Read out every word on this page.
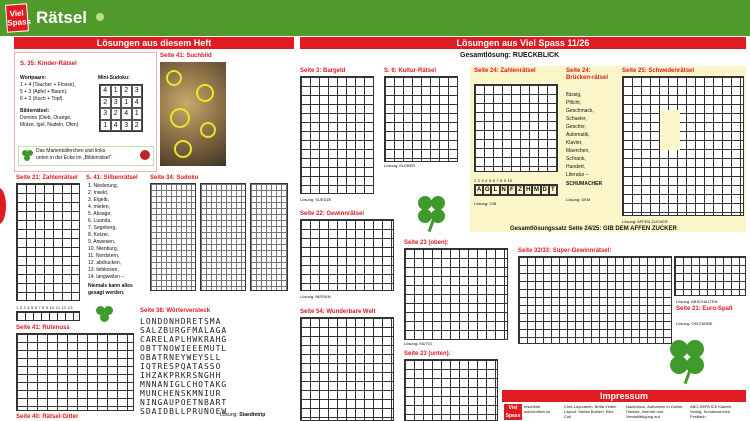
Viel Spass Rätsel
Lösungen aus diesem Heft
S. 35: Kinder-Rätsel
Wortpaare:
1 + 4 (Taucher + Flosse),
5 + 3 (Apfel + Baum),
6 + 2 (Koch + Topf).
Bilderrätsel:
Domino (Dieb, Orange,
Mütze, Igel, Nudeln, Ofen)
Mini-Sudoku:
4 1 2 3
2 3 1 4
3 2 4 1
1 4 3 2
Das Marienkäferchen sitzt links
unten in der Ecke im „Bilderrätsel“.
Seite 41: Suchbild
Seite 21: Zahlenrätsel
1 2 3 4 5 6 7 8 9 10 11 12 13
S. 41: Silbenrätsel
1. Niederung,
2. Insekt,
3. Elgeib,
4. mieten,
5. Absage,
6. Luanda,
7. Segeberg,
8. Ketzer,
9. Anwesen,
10. Nienburg,
11. Nordstern,
12. abdrucken,
13. liebkosen,
14. langweilen –
Niemals kann alles
gesagt werden.
Seite 34: Sudoku
Seite 41: Rutenuss
Seite 40: Rätsel-Gitter
Seite 38: Wörterversteck
LONDONHDRETSMA
SALZBURGFMALAGA
CARELAPLHWKRAHG
OBTTNOWIEEEMUTL
OBATRNEYWEYSLL
IQTRESPQATASSO
IHZAKPRKRSNGHH
MNNANIGLCHOTAKG
MUNCHENSKMNIUR
NINGAUPOETNBART
SDAIDBLLPRUNOEW
Lösung: Staedtetrip
Lösungen aus Viel Spass 11/26
Gesamtlösung: RUECKBLICK
Seite 3: Bargeld
Lösung: SUEDZE
S. 6: Kultur-Rätsel
Lösung: KLEBER
Seite 24: Zahlenrätsel
1 2 3 4 5 6 7 8 9 10
A G L N F Z H M D T
Lösung: GIB
Seite 24: Brücken-rätsel
flüssig,
Pflicht,
Geschmack,
Schueler,
Geschirr,
Automatik,
Klavier,
Maerchen,
Schrank,
Hundert,
Literatur –
SCHUMACHER
Lösung: DEM
Seite 25: Schwedenrätsel
Lösung: AFFEN ZUCKER
Gesamtlösungssatz Seite 24/25: GIB DEM AFFEN ZUCKER
Seite 22: Gewinnrätsel
Lösung: NIERAN
Seite 23 (oben):
Lösung: MUTIG
Seite 32/33: Super-Gewinnrätsel:
Lösung: ABSCHALTEN
Seite 21: Euro-Spaß
Lösung: OELFARBE
Seite 54: Wunderbare Welt
Seite 23 (unten):
Impressum
Viel Spass
erscheint wöchentlich im
Chef-Layouterin: Britta Vinten Layout: Stefan Buhlert, Elke Coll
Nachdruck, Aufnahme in Online-Dienste, Internet und Vervielfältigung auf
ABO-SERVICE Klambt Verlag, Kundenservice Postfach
